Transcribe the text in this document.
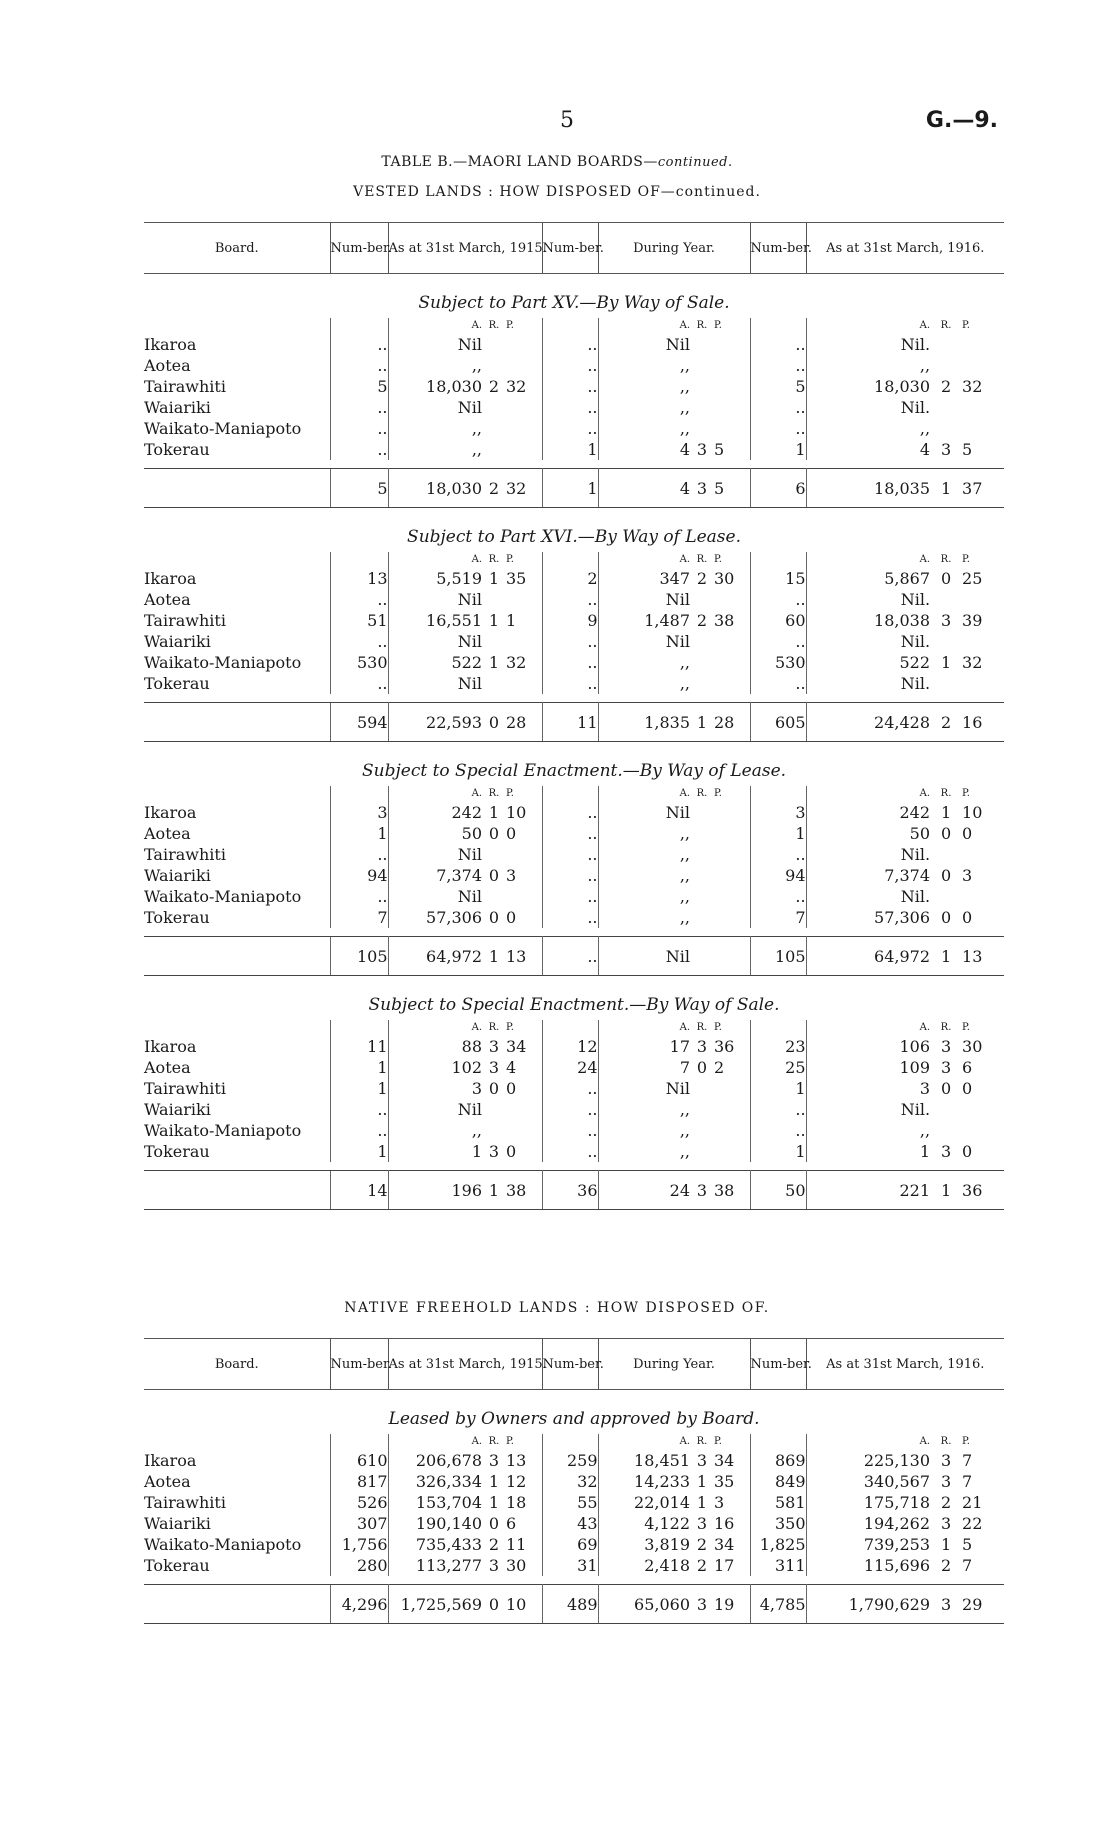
5	G.—9.
TABLE B.—MAORI LAND BOARDS—continued.
VESTED LANDS : HOW DISPOSED OF—continued.
Board.	Num-ber.	As at 31st March, 1915.			Num-ber.	During Year.			Num-ber.	As at 31st March, 1916.		
Subject to Part XV.—By Way of Sale.												
		A.	R.	P.		A.	R.	P.		A.	R.	P.
Ikaroa	..	Nil			..	Nil			..	Nil.		
Aotea	..	,,			..	,,			..	,,		
Tairawhiti	5	18,030	2	32	..	,,			5	18,030	2	32
Waiariki	..	Nil			..	,,			..	Nil.		
Waikato-Maniapoto	..	,,			..	,,			..	,,		
Tokerau	..	,,			1	4	3	5	1	4	3	5

	5	18,030	2	32	1	4	3	5	6	18,035	1	37
Subject to Part XVI.—By Way of Lease.												
		A.	R.	P.		A.	R.	P.		A.	R.	P.
Ikaroa	13	5,519	1	35	2	347	2	30	15	5,867	0	25
Aotea	..	Nil			..	Nil			..	Nil.		
Tairawhiti	51	16,551	1	1	9	1,487	2	38	60	18,038	3	39
Waiariki	..	Nil			..	Nil			..	Nil.		
Waikato-Maniapoto	530	522	1	32	..	,,			530	522	1	32
Tokerau	..	Nil			..	,,			..	Nil.		

	594	22,593	0	28	11	1,835	1	28	605	24,428	2	16
Subject to Special Enactment.—By Way of Lease.												
		A.	R.	P.		A.	R.	P.		A.	R.	P.
Ikaroa	3	242	1	10	..	Nil			3	242	1	10
Aotea	1	50	0	0	..	,,			1	50	0	0
Tairawhiti	..	Nil			..	,,			..	Nil.		
Waiariki	94	7,374	0	3	..	,,			94	7,374	0	3
Waikato-Maniapoto	..	Nil			..	,,			..	Nil.		
Tokerau	7	57,306	0	0	..	,,			7	57,306	0	0

	105	64,972	1	13	..	Nil			105	64,972	1	13
Subject to Special Enactment.—By Way of Sale.												
		A.	R.	P.		A.	R.	P.		A.	R.	P.
Ikaroa	11	88	3	34	12	17	3	36	23	106	3	30
Aotea	1	102	3	4	24	7	0	2	25	109	3	6
Tairawhiti	1	3	0	0	..	Nil			1	3	0	0
Waiariki	..	Nil			..	,,			..	Nil.		
Waikato-Maniapoto	..	,,			..	,,			..	,,		
Tokerau	1	1	3	0	..	,,			1	1	3	0

	14	196	1	38	36	24	3	38	50	221	1	36
NATIVE FREEHOLD LANDS : HOW DISPOSED OF.
Board.	Num-ber.	As at 31st March, 1915.			Num-ber.	During Year.			Num-ber.	As at 31st March, 1916.		
Leased by Owners and approved by Board.												
		A.	R.	P.		A.	R.	P.		A.	R.	P.
Ikaroa	610	206,678	3	13	259	18,451	3	34	869	225,130	3	7
Aotea	817	326,334	1	12	32	14,233	1	35	849	340,567	3	7
Tairawhiti	526	153,704	1	18	55	22,014	1	3	581	175,718	2	21
Waiariki	307	190,140	0	6	43	4,122	3	16	350	194,262	3	22
Waikato-Maniapoto	1,756	735,433	2	11	69	3,819	2	34	1,825	739,253	1	5
Tokerau	280	113,277	3	30	31	2,418	2	17	311	115,696	2	7

	4,296	1,725,569	0	10	489	65,060	3	19	4,785	1,790,629	3	29
